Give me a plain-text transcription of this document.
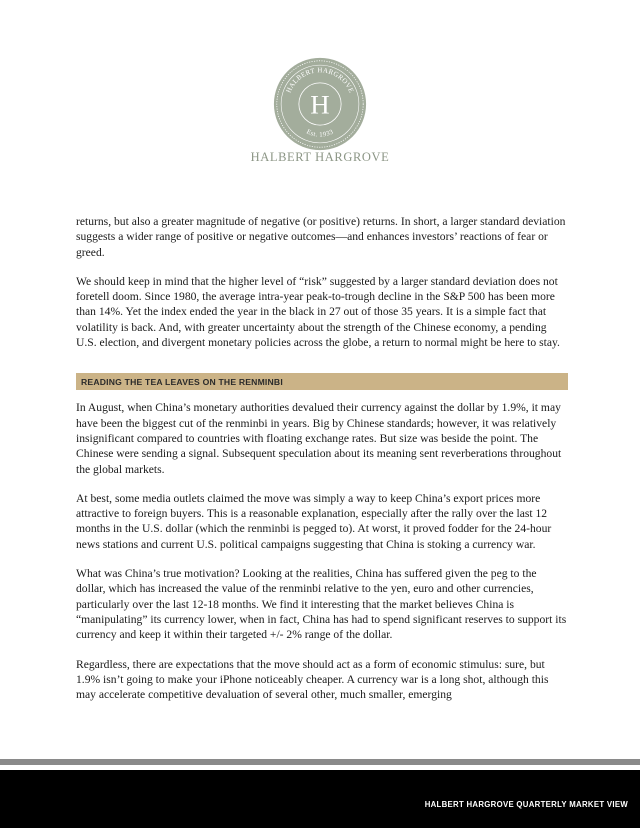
HALBERT HARGROVE
Est. 1933
H
HALBERT HARGROVE

returns, but also a greater magnitude of negative (or positive) returns. In short, a larger standard deviation suggests a wider range of positive or negative outcomes—and enhances investors’ reactions of fear or greed.

We should keep in mind that the higher level of “risk” suggested by a larger standard deviation does not foretell doom. Since 1980, the average intra-year peak-to-trough decline in the S&P 500 has been more than 14%. Yet the index ended the year in the black in 27 out of those 35 years. It is a simple fact that volatility is back. And, with greater uncertainty about the strength of the Chinese economy, a pending U.S. election, and divergent monetary policies across the globe, a return to normal might be here to stay.

READING THE TEA LEAVES ON THE RENMINBI

In August, when China’s monetary authorities devalued their currency against the dollar by 1.9%, it may have been the biggest cut of the renminbi in years. Big by Chinese standards; however, it was relatively insignificant compared to countries with floating exchange rates. But size was beside the point. The Chinese were sending a signal. Subsequent speculation about its meaning sent reverberations throughout the global markets.

At best, some media outlets claimed the move was simply a way to keep China’s export prices more attractive to foreign buyers. This is a reasonable explanation, especially after the rally over the last 12 months in the U.S. dollar (which the renminbi is pegged to). At worst, it proved fodder for the 24-hour news stations and current U.S. political campaigns suggesting that China is stoking a currency war.

What was China’s true motivation? Looking at the realities, China has suffered given the peg to the dollar, which has increased the value of the renminbi relative to the yen, euro and other currencies, particularly over the last 12-18 months. We find it interesting that the market believes China is “manipulating” its currency lower, when in fact, China has had to spend significant reserves to support its currency and keep it within their targeted +/- 2% range of the dollar.

Regardless, there are expectations that the move should act as a form of economic stimulus: sure, but 1.9% isn’t going to make your iPhone noticeably cheaper. A currency war is a long shot, although this may accelerate competitive devaluation of several other, much smaller, emerging

HALBERT HARGROVE QUARTERLY MARKET VIEW
